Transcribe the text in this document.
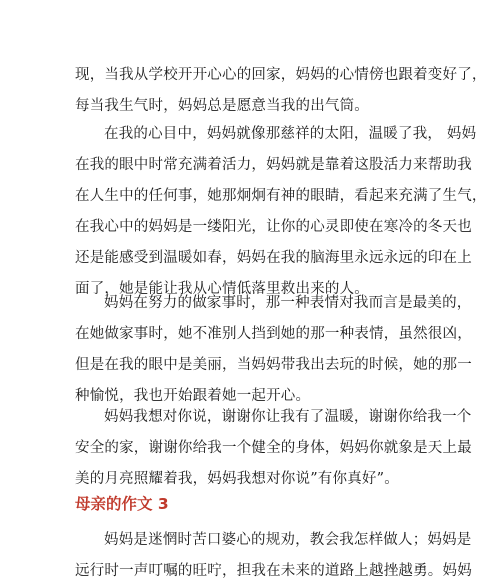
现，当我从学校开开心心的回家，妈妈的心情傍也跟着变好了，
每当我生气时，妈妈总是愿意当我的出气筒。
在我的心目中，妈妈就像那慈祥的太阳，温暖了我， 妈妈
在我的眼中时常充满着活力，妈妈就是靠着这股活力来帮助我
在人生中的任何事，她那炯炯有神的眼睛，看起来充满了生气，
在我心中的妈妈是一缕阳光，让你的心灵即使在寒冷的冬天也
还是能感受到温暖如春，妈妈在我的脑海里永远永远的印在上
面了，她是能让我从心情低落里救出来的人。
妈妈在努力的做家事时，那一种表情对我而言是最美的，
在她做家事时，她不准别人挡到她的那一种表情，虽然很凶，
但是在我的眼中是美丽，当妈妈带我出去玩的时候，她的那一
种愉悦，我也开始跟着她一起开心。
妈妈我想对你说，谢谢你让我有了温暖，谢谢你给我一个
安全的家，谢谢你给我一个健全的身体，妈妈你就象是天上最
美的月亮照耀着我，妈妈我想对你说”有你真好”。
母亲的作文 3
妈妈是迷惘时苦口婆心的规劝，教会我怎样做人；妈妈是
远行时一声叮嘱的旺咛，担我在未来的道路上越挫越勇。妈妈
